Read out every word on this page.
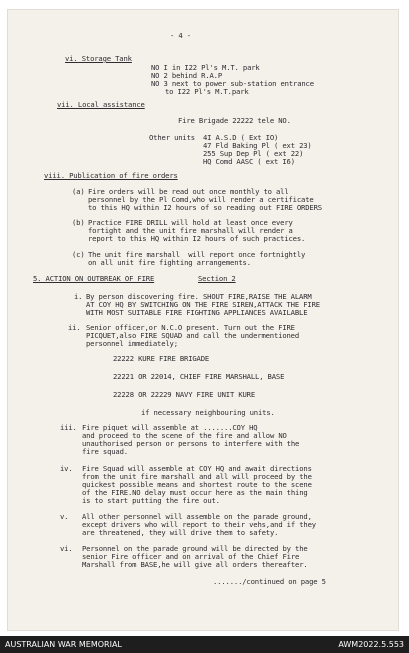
- 4 -
vi. Storage Tank
NO I in I22 Pl's M.T. park
NO 2 behind R.A.P
NO 3 next to power sub-station entrance
to I22 Pl's M.T.park
vii. Local assistance
Fire Brigade 22222 tele NO.
Other units 4I A.S.D ( Ext IO)
47 Fld Baking Pl ( ext 23)
255 Sup Dep Pl ( ext 22)
HQ Comd AASC ( ext I6)
viii. Publication of fire orders
(a) Fire orders will be read out once monthly to all
personnel by the Pl Comd,who will render a certificate
to this HQ within I2 hours of so reading out FIRE ORDERS
(b) Practice FIRE DRILL will hold at least once every
fortight and the unit fire marshall will render a
report to this HQ within I2 hours of such practices.
(c) The unit fire marshall  will report once fortnightly
on all unit fire fighting arrangements.
5. ACTION ON OUTBREAK OF FIRE	Section 2
i. By person discovering fire. SHOUT FIRE,RAISE THE ALARM
AT COY HQ BY SWITCHING ON THE FIRE SIREN,ATTACK THE FIRE
WITH MOST SUITABLE FIRE FIGHTING APPLIANCES AVAILABLE
ii. Senior officer,or N.C.O present. Turn out the FIRE
PICQUET,also FIRE SQUAD and call the undermentioned
personnel immediately;
22222 KURE FIRE BRIGADE
22221 OR 22014, CHIEF FIRE MARSHALL, BASE
22228 OR 22229 NAVY FIRE UNIT KURE
if necessary neighbouring units.
iii. Fire piquet will assemble at .......COY HQ
and proceed to the scene of the fire and allow NO
unauthorised person or persons to interfere with the
fire squad.
iv. Fire Squad will assemble at COY HQ and await directions
from the unit fire marshall and all will proceed by the
quickest possible means and shortest route to the scene
of the FIRE.NO delay must occur here as the main thing
is to start putting the fire out.
v. All other personnel will assemble on the parade ground,
except drivers who will report to their vehs,and if they
are threatened, they will drive them to safety.
vi. Personnel on the parade ground will be directed by the
senior Fire officer and on arrival of the Chief Fire
Marshall from BASE,he will give all orders thereafter.
......./continued on page 5
AUSTRALIAN WAR MEMORIAL	AWM2022.5.553
